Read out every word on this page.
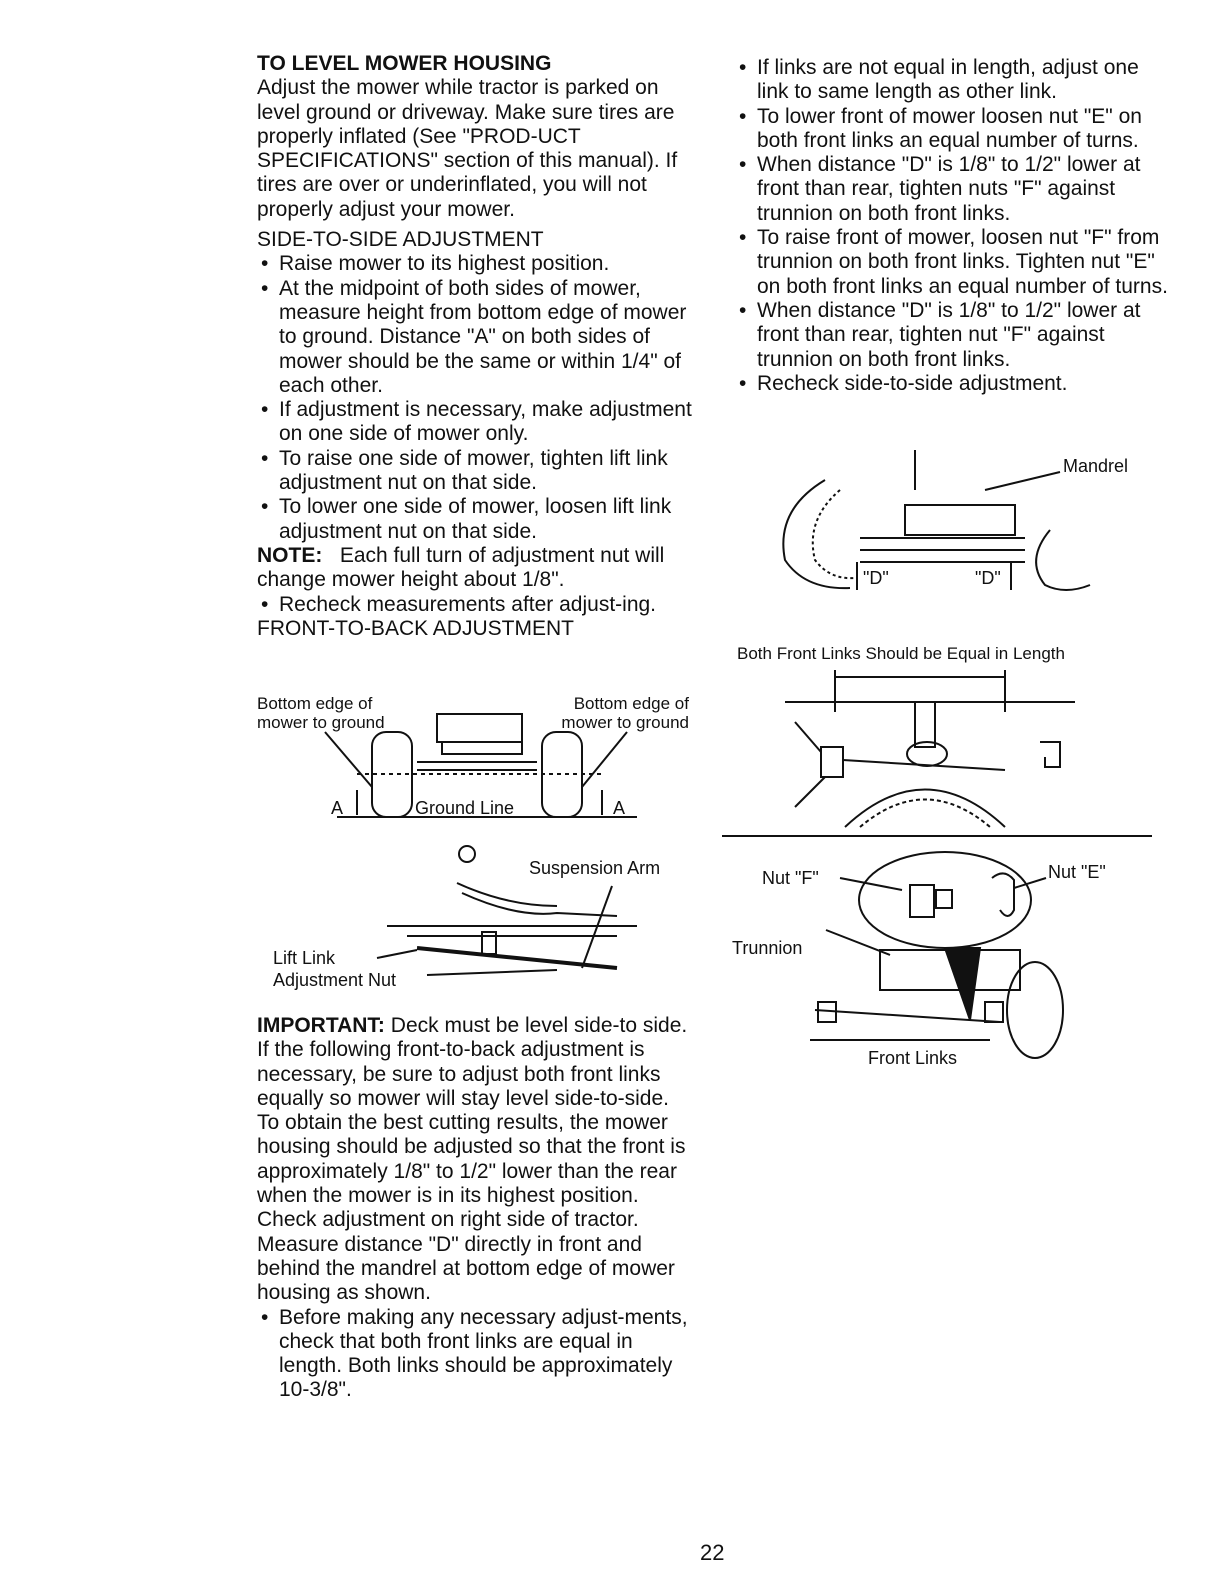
TO LEVEL MOWER HOUSING

Adjust the mower while tractor is parked on level ground or driveway. Make sure tires are properly inflated (See "PROD-UCT SPECIFICATIONS" section of this manual). If tires are over or underinflated, you will not properly adjust your mower.

SIDE-TO-SIDE ADJUSTMENT
• Raise mower to its highest position.
• At the midpoint of both sides of mower, measure height from bottom edge of mower to ground. Distance "A" on both sides of mower should be the same or within 1/4" of each other.
• If adjustment is necessary, make adjustment on one side of mower only.
• To raise one side of mower, tighten lift link adjustment nut on that side.
• To lower one side of mower, loosen lift link adjustment nut on that side.

NOTE: Each full turn of adjustment nut will change mower height about 1/8".

• Recheck measurements after adjust-ing.
FRONT-TO-BACK ADJUSTMENT
Bottom edge of mower to ground
Bottom edge of mower to ground
Ground Line
A	A
Suspension Arm
Lift Link
Adjustment Nut

IMPORTANT: Deck must be level side-to side. If the following front-to-back adjustment is necessary, be sure to adjust both front links equally so mower will stay level side-to-side.

To obtain the best cutting results, the mower housing should be adjusted so that the front is approximately 1/8" to 1/2" lower than the rear when the mower is in its highest position.

Check adjustment on right side of tractor. Measure distance "D" directly in front and behind the mandrel at bottom edge of mower housing as shown.

• Before making any necessary adjust-ments, check that both front links are equal in length. Both links should be approximately 10-3/8".
• If links are not equal in length, adjust one link to same length as other link.
• To lower front of mower loosen nut "E" on both front links an equal number of turns.
• When distance "D" is 1/8" to 1/2" lower at front than rear, tighten nuts "F" against trunnion on both front links.
• To raise front of mower, loosen nut "F" from trunnion on both front links. Tighten nut "E" on both front links an equal number of turns.
• When distance "D" is 1/8" to 1/2" lower at front than rear, tighten nut "F" against trunnion on both front links.
• Recheck side-to-side adjustment.
Mandrel
"D"	"D"
Both Front Links Should be Equal in Length
Nut "F"	Nut "E"
Trunnion
Front Links
22
